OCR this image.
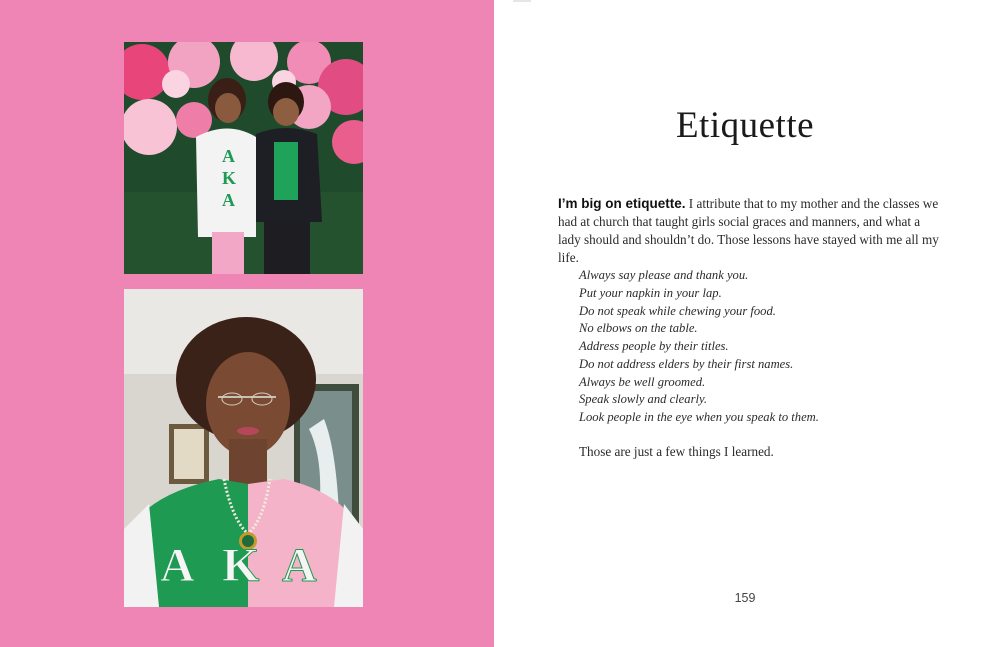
A
K
A
A K A
Etiquette

I’m big on etiquette. I attribute that to my mother and the classes we had at church that taught girls social graces and manners, and what a lady should and shouldn’t do. Those lessons have stayed with me all my life.

Always say please and thank you.
Put your napkin in your lap.
Do not speak while chewing your food.
No elbows on the table.
Address people by their titles.
Do not address elders by their first names.
Always be well groomed.
Speak slowly and clearly.
Look people in the eye when you speak to them.

Those are just a few things I learned.

159
